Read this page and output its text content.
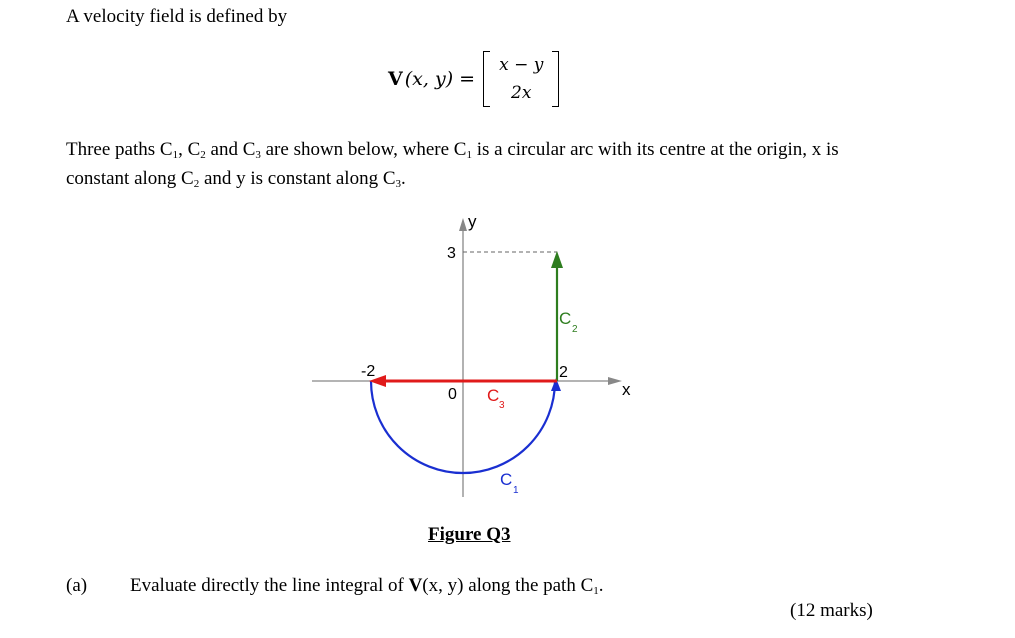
A velocity field is defined by
V (x, y) =
x − y
2x
Three paths $C_1$, $C_2$ and $C_3$ are shown below, where $C_1$ is a circular arc with its centre at the origin, x is constant along $C_2$ and y is constant along $C_3$.
y
x
3
-2	2
0 C
3
C
2
C
1
Figure Q3
(a) Evaluate directly the line integral of V(x, y) along the path $C_1$.
(12 marks)
